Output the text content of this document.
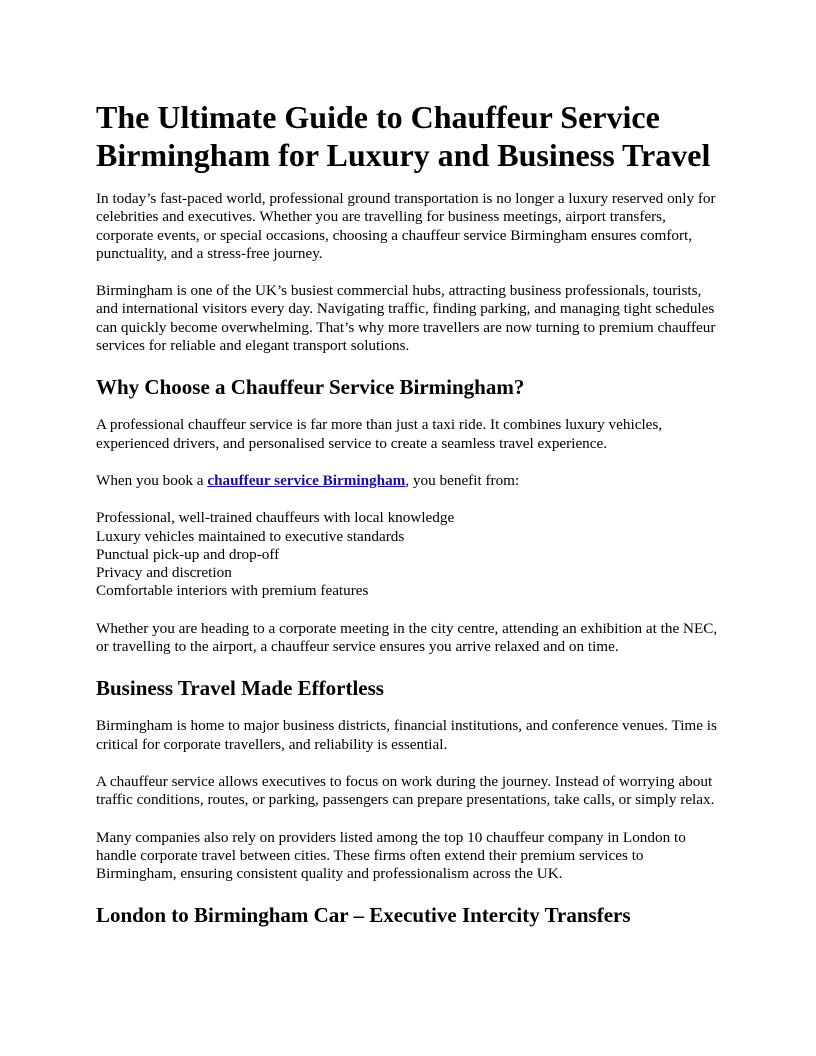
The Ultimate Guide to Chauffeur Service Birmingham for Luxury and Business Travel

In today’s fast-paced world, professional ground transportation is no longer a luxury reserved only for celebrities and executives. Whether you are travelling for business meetings, airport transfers, corporate events, or special occasions, choosing a chauffeur service Birmingham ensures comfort, punctuality, and a stress-free journey.

Birmingham is one of the UK’s busiest commercial hubs, attracting business professionals, tourists, and international visitors every day. Navigating traffic, finding parking, and managing tight schedules can quickly become overwhelming. That’s why more travellers are now turning to premium chauffeur services for reliable and elegant transport solutions.

Why Choose a Chauffeur Service Birmingham?

A professional chauffeur service is far more than just a taxi ride. It combines luxury vehicles, experienced drivers, and personalised service to create a seamless travel experience.

When you book a chauffeur service Birmingham, you benefit from:

Professional, well-trained chauffeurs with local knowledge
Luxury vehicles maintained to executive standards
Punctual pick-up and drop-off
Privacy and discretion
Comfortable interiors with premium features

Whether you are heading to a corporate meeting in the city centre, attending an exhibition at the NEC, or travelling to the airport, a chauffeur service ensures you arrive relaxed and on time.

Business Travel Made Effortless

Birmingham is home to major business districts, financial institutions, and conference venues. Time is critical for corporate travellers, and reliability is essential.

A chauffeur service allows executives to focus on work during the journey. Instead of worrying about traffic conditions, routes, or parking, passengers can prepare presentations, take calls, or simply relax.

Many companies also rely on providers listed among the top 10 chauffeur company in London to handle corporate travel between cities. These firms often extend their premium services to Birmingham, ensuring consistent quality and professionalism across the UK.

London to Birmingham Car – Executive Intercity Transfers
